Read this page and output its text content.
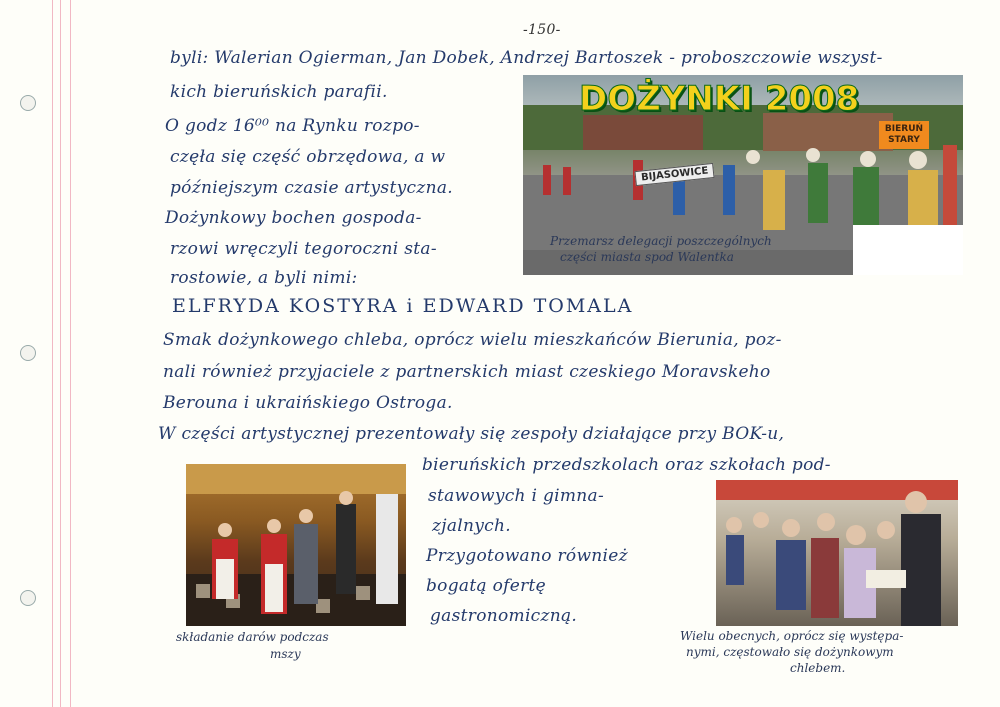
-150-
byli: Walerian Ogierman, Jan Dobek, Andrzej Bartoszek - proboszczowie wszyst-
kich bieruńskich parafii.
O godz 16⁰⁰ na Rynku rozpo-
częła się część obrzędowa, a w
późniejszym czasie artystyczna.
Dożynkowy bochen gospoda-
rzowi wręczyli tegoroczni sta-
rostowie, a byli nimi:
ELFRYDA KOSTYRA i EDWARD TOMALA
Smak dożynkowego chleba, oprócz wielu mieszkańców Bierunia, poz-
nali również przyjaciele z partnerskich miast czeskiego Moravskeho
Berouna i ukraińskiego Ostroga.
W części artystycznej prezentowały się zespoły działające przy BOK-u,
bieruńskich przedszkolach oraz szkołach pod-
stawowych i gimna-
zjalnych.
Przygotowano również
bogatą ofertę
gastronomiczną.
DOŻYNKI 2008
BIJASOWICE
BIERUŃ STARY
Przemarsz delegacji poszczególnych
części miasta spod Walentka
składanie darów podczas
mszy
Wielu obecnych, oprócz się występa-
nymi, częstowało się dożynkowym
chlebem.
